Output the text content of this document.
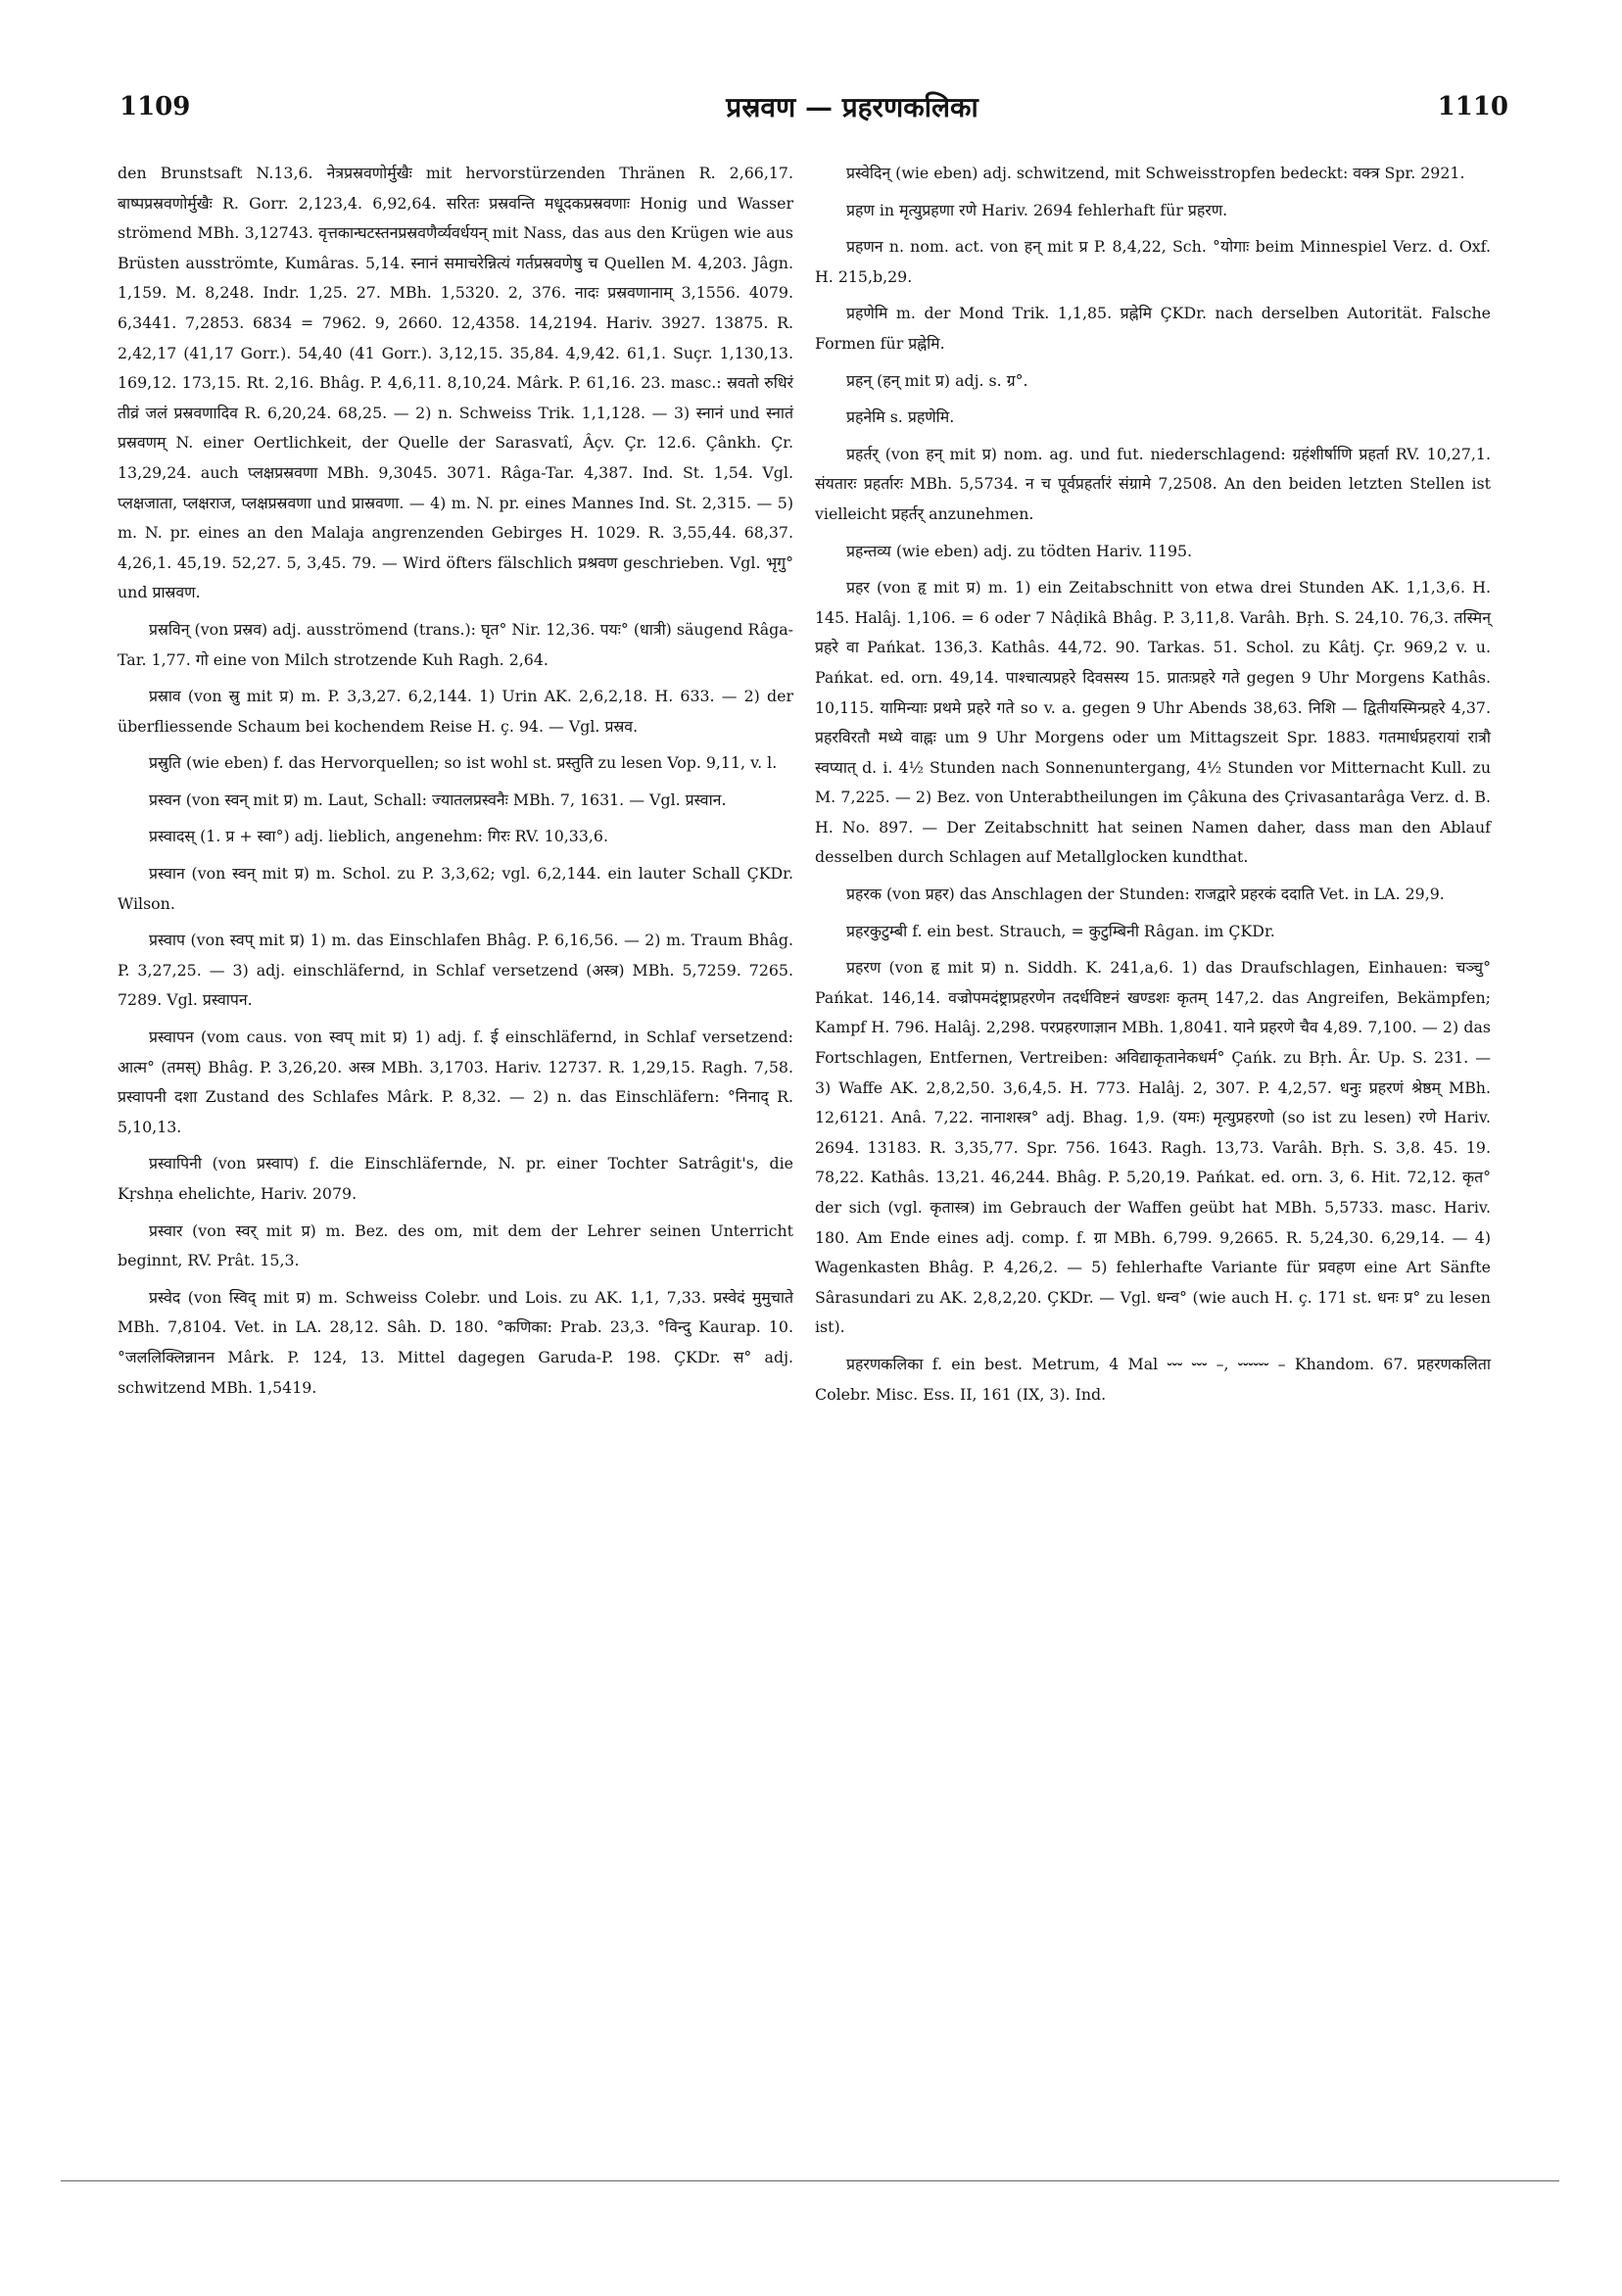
1109	प्रस्रवण — प्रहरणकलिका	1110

den Brunstsaft N.13,6. नेत्रप्रस्रवणोर्मुखैः mit hervorstürzenden Thränen R. 2,66,17. बाष्पप्रस्रवणोर्मुखैः R. Gorr. 2,123,4. 6,92,64. सरितः प्रस्रवन्ति मधूदकप्रस्रवणाः Honig und Wasser strömend MBh. 3,12743. वृत्तकान्घटस्तनप्रस्रवणैर्व्यवर्धयन् mit Nass, das aus den Krügen wie aus Brüsten ausströmte, Kumâras. 5,14. स्नानं समाचरेन्नित्यं गर्तप्रस्रवणेषु च Quellen M. 4,203. Jâgn. 1,159. M. 8,248. Indr. 1,25. 27. MBh. 1,5320. 2, 376. नादः प्रस्रवणानाम् 3,1556. 4079. 6,3441. 7,2853. 6834 = 7962. 9, 2660. 12,4358. 14,2194. Hariv. 3927. 13875. R. 2,42,17 (41,17 Gorr.). 54,40 (41 Gorr.). 3,12,15. 35,84. 4,9,42. 61,1. Suçr. 1,130,13. 169,12. 173,15. Rt. 2,16. Bhâg. P. 4,6,11. 8,10,24. Mârk. P. 61,16. 23. masc.: स्रवतो रुधिरं तीव्रं जलं प्रस्रवणादिव R. 6,20,24. 68,25. — 2) n. Schweiss Trik. 1,1,128. — 3) स्नानं und स्नातं प्रस्रवणम् N. einer Oertlichkeit, der Quelle der Sarasvatî, Âçv. Çr. 12.6. Çânkh. Çr. 13,29,24. auch प्लक्षप्रस्रवणा MBh. 9,3045. 3071. Râga-Tar. 4,387. Ind. St. 1,54. Vgl. प्लक्षजाता, प्लक्षराज, प्लक्षप्रस्रवणा und प्रास्रवणा. — 4) m. N. pr. eines Mannes Ind. St. 2,315. — 5) m. N. pr. eines an den Malaja angrenzenden Gebirges H. 1029. R. 3,55,44. 68,37. 4,26,1. 45,19. 52,27. 5, 3,45. 79. — Wird öfters fälschlich प्रश्रवण geschrieben. Vgl. भृगु° und प्रास्रवण.

प्रस्रविन् (von प्रस्रव) adj. ausströmend (trans.): घृत° Nir. 12,36. पयः° (धात्री) säugend Râga-Tar. 1,77. गो eine von Milch strotzende Kuh Ragh. 2,64.

प्रस्राव (von स्रु mit प्र) m. P. 3,3,27. 6,2,144. 1) Urin AK. 2,6,2,18. H. 633. — 2) der überfliessende Schaum bei kochendem Reise H. ç. 94. — Vgl. प्रस्रव.

प्रस्रुति (wie eben) f. das Hervorquellen; so ist wohl st. प्रस्तुति zu lesen Vop. 9,11, v. l.

प्रस्वन (von स्वन् mit प्र) m. Laut, Schall: ज्यातलप्रस्वनैः MBh. 7, 1631. — Vgl. प्रस्वान.

प्रस्वादस् (1. प्र + स्वा°) adj. lieblich, angenehm: गिरः RV. 10,33,6.

प्रस्वान (von स्वन् mit प्र) m. Schol. zu P. 3,3,62; vgl. 6,2,144. ein lauter Schall ÇKDr. Wilson.

प्रस्वाप (von स्वप् mit प्र) 1) m. das Einschlafen Bhâg. P. 6,16,56. — 2) m. Traum Bhâg. P. 3,27,25. — 3) adj. einschläfernd, in Schlaf versetzend (अस्त्र) MBh. 5,7259. 7265. 7289. Vgl. प्रस्वापन.

प्रस्वापन (vom caus. von स्वप् mit प्र) 1) adj. f. ई einschläfernd, in Schlaf versetzend: आत्म° (तमस्) Bhâg. P. 3,26,20. अस्त्र MBh. 3,1703. Hariv. 12737. R. 1,29,15. Ragh. 7,58. प्रस्वापनी दशा Zustand des Schlafes Mârk. P. 8,32. — 2) n. das Einschläfern: °निनाद् R. 5,10,13.

प्रस्वापिनी (von प्रस्वाप) f. die Einschläfernde, N. pr. einer Tochter Satrâgit's, die Kṛshṇa ehelichte, Hariv. 2079.

प्रस्वार (von स्वर् mit प्र) m. Bez. des om, mit dem der Lehrer seinen Unterricht beginnt, RV. Prât. 15,3.

प्रस्वेद (von स्विद् mit प्र) m. Schweiss Colebr. und Lois. zu AK. 1,1, 7,33. प्रस्वेदं मुमुचाते MBh. 7,8104. Vet. in LA. 28,12. Sâh. D. 180. °कणिका: Prab. 23,3. °विन्दु Kaurap. 10. °जललिक्लिन्नानन Mârk. P. 124, 13. Mittel dagegen Garuda-P. 198. ÇKDr. स° adj. schwitzend MBh. 1,5419.

प्रस्वेदिन् (wie eben) adj. schwitzend, mit Schweisstropfen bedeckt: वक्त्र Spr. 2921.

प्रहण in मृत्युप्रहणा रणे Hariv. 2694 fehlerhaft für प्रहरण.

प्रहणन n. nom. act. von हन् mit प्र P. 8,4,22, Sch. °योगाः beim Minnespiel Verz. d. Oxf. H. 215,b,29.

प्रहणेमि m. der Mond Trik. 1,1,85. प्रह्नेमि ÇKDr. nach derselben Autorität. Falsche Formen für प्रह्नेमि.

प्रहन् (हन् mit प्र) adj. s. ग्र°.

प्रहनेमि s. प्रहणेमि.

प्रहर्तर् (von हन् mit प्र) nom. ag. und fut. niederschlagend: ग्रहंशीर्षाणि प्रहर्ता RV. 10,27,1. संयतारः प्रहर्तारः MBh. 5,5734. न च पूर्वप्रहर्तारं संग्रामे 7,2508. An den beiden letzten Stellen ist vielleicht प्रहर्तर् anzunehmen.

प्रहन्तव्य (wie eben) adj. zu tödten Hariv. 1195.

प्रहर (von हृ mit प्र) m. 1) ein Zeitabschnitt von etwa drei Stunden AK. 1,1,3,6. H. 145. Halâj. 1,106. = 6 oder 7 Nâḍikâ Bhâg. P. 3,11,8. Varâh. Bṛh. S. 24,10. 76,3. तस्मिन् प्रहरे वा Pańkat. 136,3. Kathâs. 44,72. 90. Tarkas. 51. Schol. zu Kâtj. Çr. 969,2 v. u. Pańkat. ed. orn. 49,14. पाश्चात्यप्रहरे दिवसस्य 15. प्रातःप्रहरे गते gegen 9 Uhr Morgens Kathâs. 10,115. यामिन्याः प्रथमे प्रहरे गते so v. a. gegen 9 Uhr Abends 38,63. निशि — द्वितीयस्मिन्प्रहरे 4,37. प्रहरविरतौ मध्ये वाह्नः um 9 Uhr Morgens oder um Mittagszeit Spr. 1883. गतमार्धप्रहरायां रात्रौ स्वप्यात् d. i. 4½ Stunden nach Sonnenuntergang, 4½ Stunden vor Mitternacht Kull. zu M. 7,225. — 2) Bez. von Unterabtheilungen im Çâkuna des Çrivasantarâga Verz. d. B. H. No. 897. — Der Zeitabschnitt hat seinen Namen daher, dass man den Ablauf desselben durch Schlagen auf Metallglocken kundthat.

प्रहरक (von प्रहर) das Anschlagen der Stunden: राजद्वारे प्रहरकं ददाति Vet. in LA. 29,9.

प्रहरकुटुम्बी f. ein best. Strauch, = कुटुम्बिनी Râgan. im ÇKDr.

प्रहरण (von हृ mit प्र) n. Siddh. K. 241,a,6. 1) das Draufschlagen, Einhauen: चञ्चु° Pańkat. 146,14. वज्रोपमदंष्ट्राप्रहरणेन तदर्धविष्टनं खण्डशः कृतम् 147,2. das Angreifen, Bekämpfen; Kampf H. 796. Halâj. 2,298. परप्रहरणाज्ञान MBh. 1,8041. याने प्रहरणे चैव 4,89. 7,100. — 2) das Fortschlagen, Entfernen, Vertreiben: अविद्याकृतानेकधर्म° Çańk. zu Bṛh. Âr. Up. S. 231. — 3) Waffe AK. 2,8,2,50. 3,6,4,5. H. 773. Halâj. 2, 307. P. 4,2,57. धनुः प्रहरणं श्रेष्ठम् MBh. 12,6121. Anâ. 7,22. नानाशस्त्र° adj. Bhag. 1,9. (यमः) मृत्युप्रहरणो (so ist zu lesen) रणे Hariv. 2694. 13183. R. 3,35,77. Spr. 756. 1643. Ragh. 13,73. Varâh. Bṛh. S. 3,8. 45. 19. 78,22. Kathâs. 13,21. 46,244. Bhâg. P. 5,20,19. Pańkat. ed. orn. 3, 6. Hit. 72,12. कृत° der sich (vgl. कृतास्त्र) im Gebrauch der Waffen geübt hat MBh. 5,5733. masc. Hariv. 180. Am Ende eines adj. comp. f. ग्रा MBh. 6,799. 9,2665. R. 5,24,30. 6,29,14. — 4) Wagenkasten Bhâg. P. 4,26,2. — 5) fehlerhafte Variante für प्रवहण eine Art Sänfte Sârasundari zu AK. 2,8,2,20. ÇKDr. — Vgl. धन्व° (wie auch H. ç. 171 st. धनः प्र° zu lesen ist).

प्रहरणकलिका f. ein best. Metrum, 4 Mal ⏑⏑⏑ ⏑⏑⏑ –, ⏑⏑⏑⏑⏑⏑ – Khandom. 67. प्रहरणकलिता Colebr. Misc. Ess. II, 161 (IX, 3). Ind.
